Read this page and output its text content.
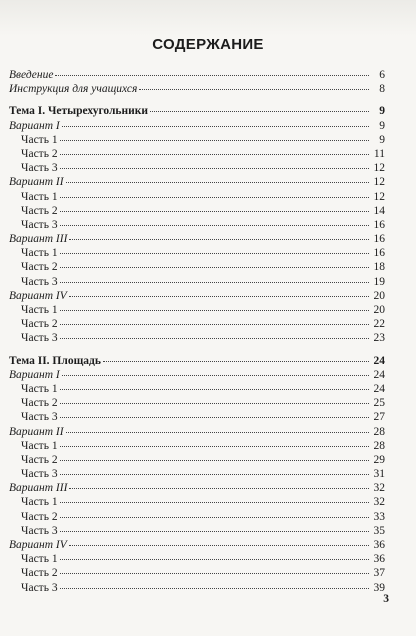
СОДЕРЖАНИЕ
Введение	6
Инструкция для учащихся	8
Тема I. Четырехугольники	9
Вариант I	9
Часть 1	9
Часть 2	11
Часть 3	12
Вариант II	12
Часть 1	12
Часть 2	14
Часть 3	16
Вариант III	16
Часть 1	16
Часть 2	18
Часть 3	19
Вариант IV	20
Часть 1	20
Часть 2	22
Часть 3	23
Тема II. Площадь	24
Вариант I	24
Часть 1	24
Часть 2	25
Часть 3	27
Вариант II	28
Часть 1	28
Часть 2	29
Часть 3	31
Вариант III	32
Часть 1	32
Часть 2	33
Часть 3	35
Вариант IV	36
Часть 1	36
Часть 2	37
Часть 3	39
3
